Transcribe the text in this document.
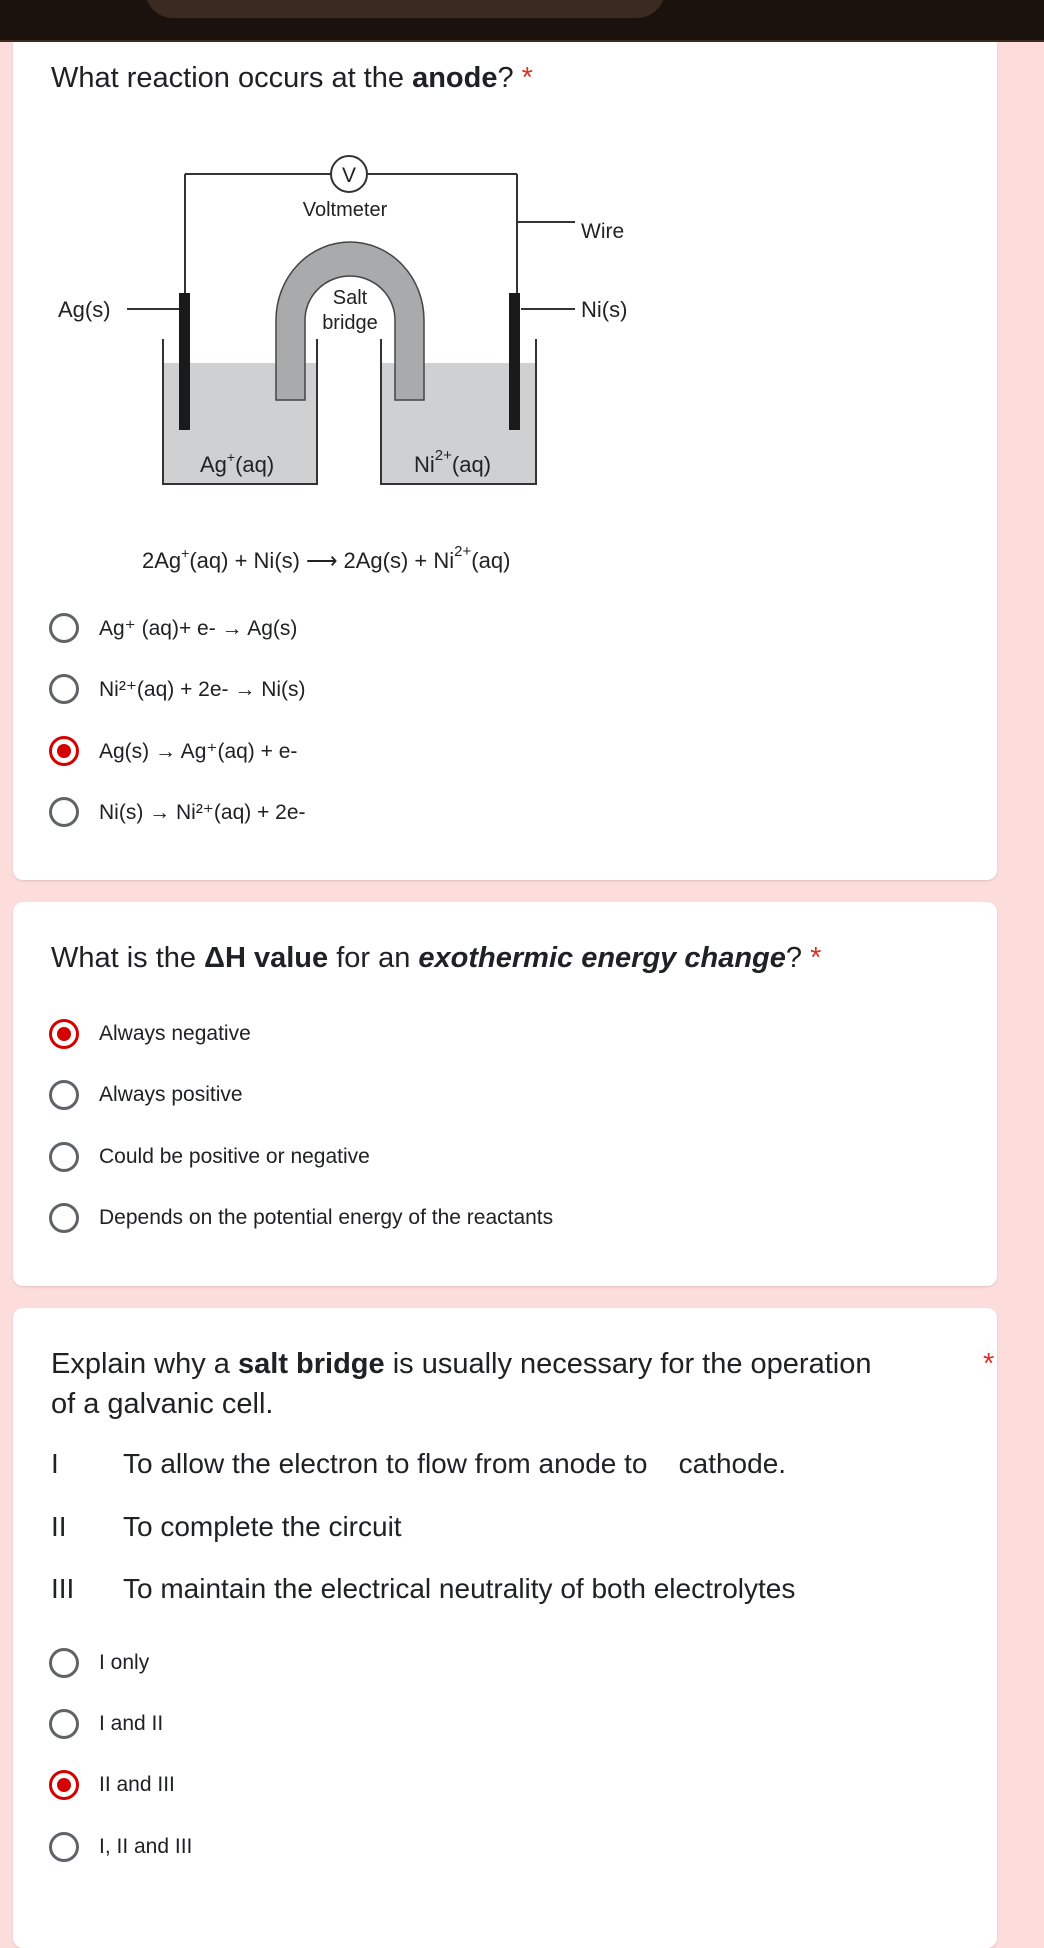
What reaction occurs at the anode? *
V
Voltmeter
Wire
Ag(s)	Ni(s)
Salt
bridge
Ag+(aq)	$Ni^{2+}(aq)$
2Ag+(aq) + Ni(s) ⟶ $2Ag(s) + Ni^{2+}(aq)$
Ag⁺ (aq)+ e- → Ag(s)
Ni²⁺(aq) + 2e- → Ni(s)
Ag(s) → Ag⁺(aq) + e-
Ni(s) → Ni²⁺(aq) + 2e-
What is the ΔH value for an exothermic energy change? *
Always negative
Always positive
Could be positive or negative
Depends on the potential energy of the reactants
Explain why a salt bridge is usually necessary for the operation	*

of a galvanic cell.
I	To allow the electron to flow from anode to    cathode.
II	To complete the circuit
III	To maintain the electrical neutrality of both electrolytes
I only
I and II
II and III
I, II and III
